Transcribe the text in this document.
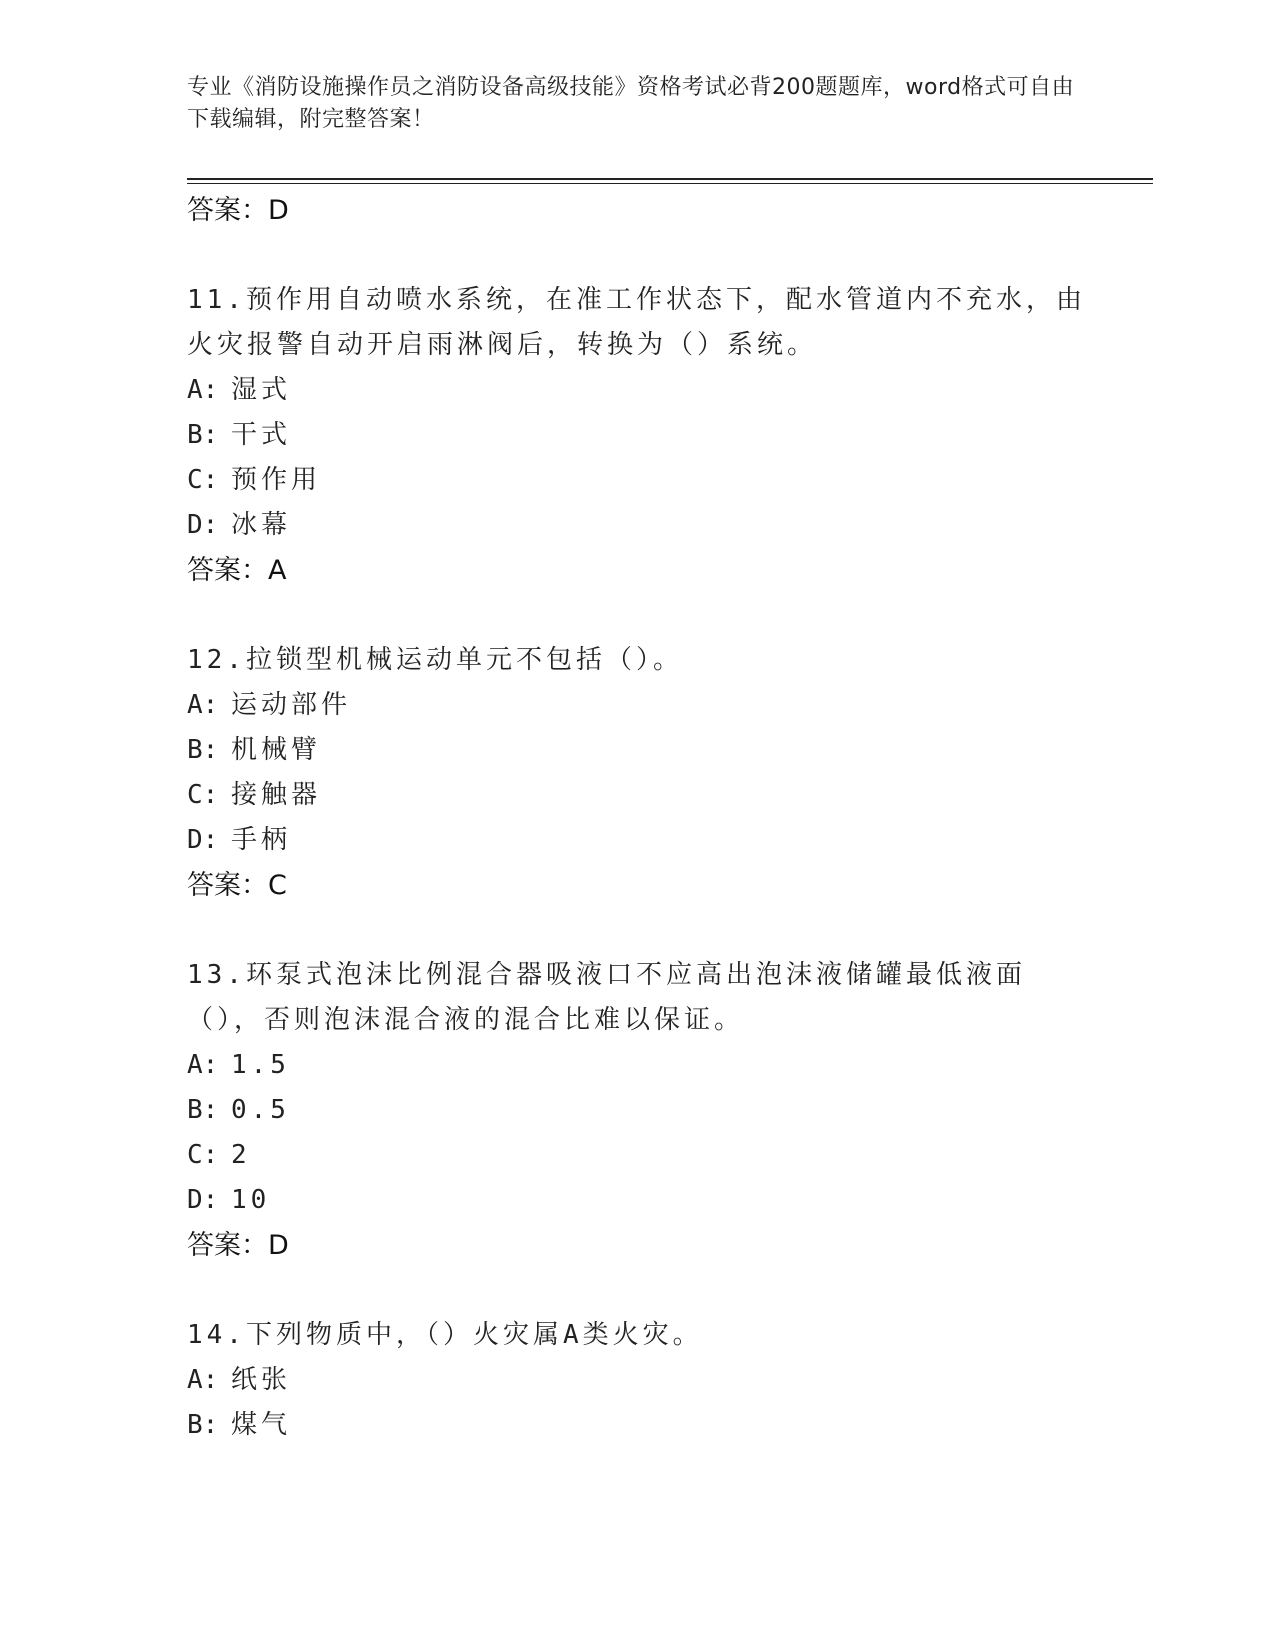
专业《消防设施操作员之消防设备高级技能》资格考试必背200题题库，word格式可自由下载编辑，附完整答案！
答案：D
11.预作用自动喷水系统，在准工作状态下，配水管道内不充水，由火灾报警自动开启雨淋阀后，转换为（）系统。
A: 湿式
B: 干式
C: 预作用
D: 冰幕
答案：A
12.拉锁型机械运动单元不包括（）。
A: 运动部件
B: 机械臂
C: 接触器
D: 手柄
答案：C
13.环泵式泡沫比例混合器吸液口不应高出泡沫液储罐最低液面（），否则泡沫混合液的混合比难以保证。
A: 1.5
B: 0.5
C: 2
D: 10
答案：D
14.下列物质中，（）火灾属A类火灾。
A: 纸张
B: 煤气
